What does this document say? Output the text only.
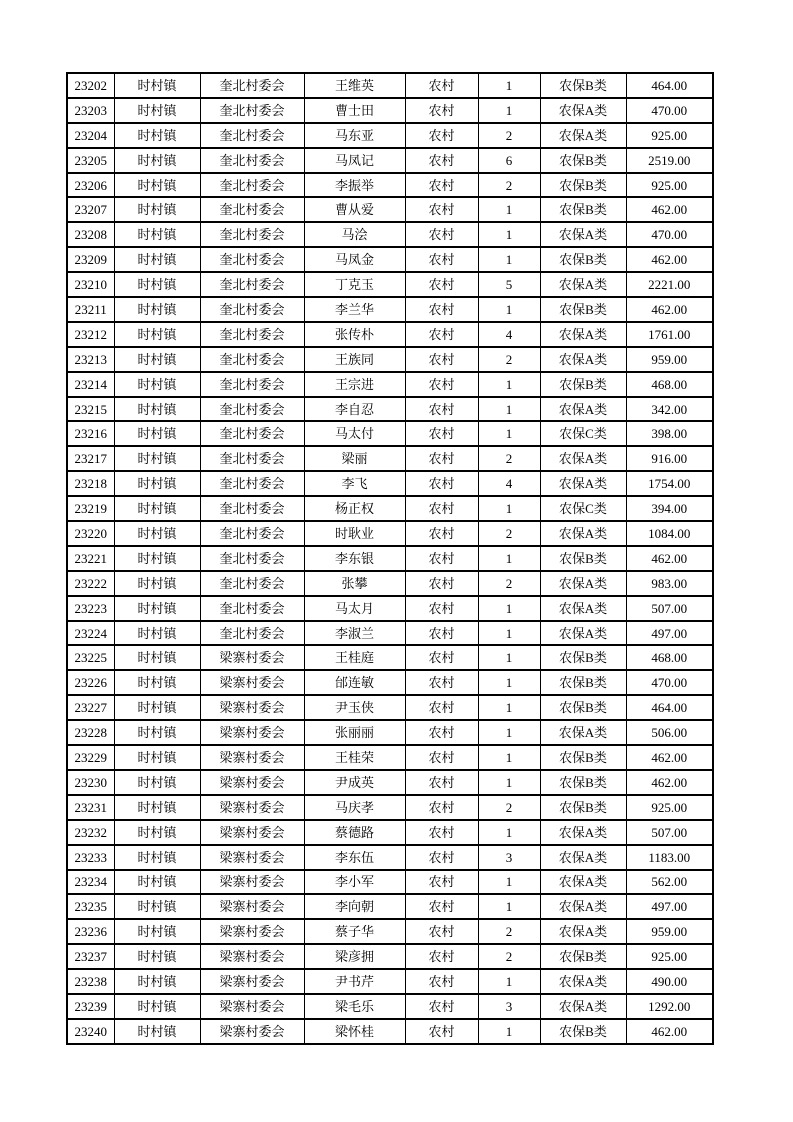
23202	时村镇	奎北村委会	王维英	农村	1	农保B类	464.00
23203	时村镇	奎北村委会	曹士田	农村	1	农保A类	470.00
23204	时村镇	奎北村委会	马东亚	农村	2	农保A类	925.00
23205	时村镇	奎北村委会	马凤记	农村	6	农保B类	2519.00
23206	时村镇	奎北村委会	李振举	农村	2	农保B类	925.00
23207	时村镇	奎北村委会	曹从爱	农村	1	农保B类	462.00
23208	时村镇	奎北村委会	马浍	农村	1	农保A类	470.00
23209	时村镇	奎北村委会	马凤金	农村	1	农保B类	462.00
23210	时村镇	奎北村委会	丁克玉	农村	5	农保A类	2221.00
23211	时村镇	奎北村委会	李兰华	农村	1	农保B类	462.00
23212	时村镇	奎北村委会	张传朴	农村	4	农保A类	1761.00
23213	时村镇	奎北村委会	王族同	农村	2	农保A类	959.00
23214	时村镇	奎北村委会	王宗进	农村	1	农保B类	468.00
23215	时村镇	奎北村委会	李自忍	农村	1	农保A类	342.00
23216	时村镇	奎北村委会	马太付	农村	1	农保C类	398.00
23217	时村镇	奎北村委会	梁丽	农村	2	农保A类	916.00
23218	时村镇	奎北村委会	李飞	农村	4	农保A类	1754.00
23219	时村镇	奎北村委会	杨正权	农村	1	农保C类	394.00
23220	时村镇	奎北村委会	时耿业	农村	2	农保A类	1084.00
23221	时村镇	奎北村委会	李东银	农村	1	农保B类	462.00
23222	时村镇	奎北村委会	张攀	农村	2	农保A类	983.00
23223	时村镇	奎北村委会	马太月	农村	1	农保A类	507.00
23224	时村镇	奎北村委会	李淑兰	农村	1	农保A类	497.00
23225	时村镇	梁寨村委会	王桂庭	农村	1	农保B类	468.00
23226	时村镇	梁寨村委会	邰连敏	农村	1	农保B类	470.00
23227	时村镇	梁寨村委会	尹玉侠	农村	1	农保B类	464.00
23228	时村镇	梁寨村委会	张丽丽	农村	1	农保A类	506.00
23229	时村镇	梁寨村委会	王桂荣	农村	1	农保B类	462.00
23230	时村镇	梁寨村委会	尹成英	农村	1	农保B类	462.00
23231	时村镇	梁寨村委会	马庆孝	农村	2	农保B类	925.00
23232	时村镇	梁寨村委会	蔡德路	农村	1	农保A类	507.00
23233	时村镇	梁寨村委会	李东伍	农村	3	农保A类	1183.00
23234	时村镇	梁寨村委会	李小军	农村	1	农保A类	562.00
23235	时村镇	梁寨村委会	李向朝	农村	1	农保A类	497.00
23236	时村镇	梁寨村委会	蔡子华	农村	2	农保A类	959.00
23237	时村镇	梁寨村委会	梁彦拥	农村	2	农保B类	925.00
23238	时村镇	梁寨村委会	尹书芹	农村	1	农保A类	490.00
23239	时村镇	梁寨村委会	梁毛乐	农村	3	农保A类	1292.00
23240	时村镇	梁寨村委会	梁怀桂	农村	1	农保B类	462.00
